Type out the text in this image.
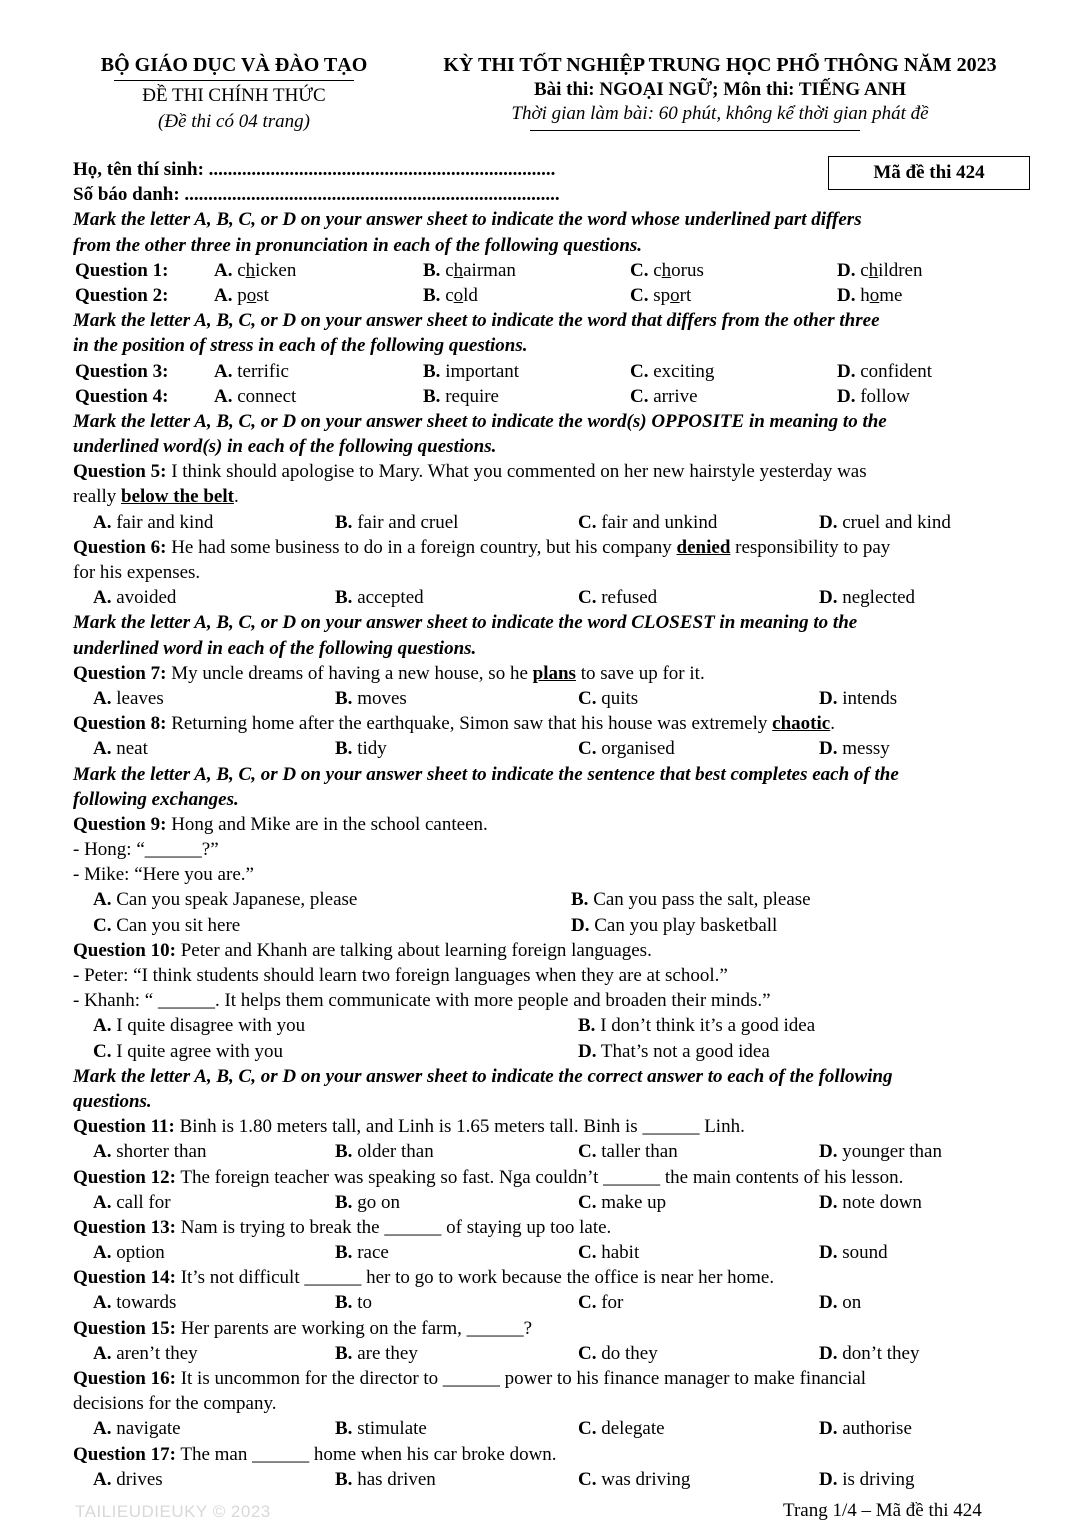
BỘ GIÁO DỤC VÀ ĐÀO TẠO
ĐỀ THI CHÍNH THỨC
(Đề thi có 04 trang)
KỲ THI TỐT NGHIỆP TRUNG HỌC PHỔ THÔNG NĂM 2023
Bài thi: NGOẠI NGỮ; Môn thi: TIẾNG ANH
Thời gian làm bài: 60 phút, không kể thời gian phát đề
Mã đề thi 424
Họ, tên thí sinh: .........................................................................
Số báo danh: ...............................................................................
Mark the letter A, B, C, or D on your answer sheet to indicate the word whose underlined part differs
from the other three in pronunciation in each of the following questions.
Question 1: A. chicken	B. chairman	C. chorus	D. children
Question 2: A. post	B. cold	C. sport	D. home
Mark the letter A, B, C, or D on your answer sheet to indicate the word that differs from the other three
in the position of stress in each of the following questions.
Question 3: A. terrific	B. important	C. exciting	D. confident
Question 4: A. connect	B. require	C. arrive	D. follow
Mark the letter A, B, C, or D on your answer sheet to indicate the word(s) OPPOSITE in meaning to the
underlined word(s) in each of the following questions.
Question 5: I think should apologise to Mary. What you commented on her new hairstyle yesterday was
really below the belt.
A. fair and kind	B. fair and cruel	C. fair and unkind	D. cruel and kind
Question 6: He had some business to do in a foreign country, but his company denied responsibility to pay
for his expenses.
A. avoided	B. accepted	C. refused	D. neglected
Mark the letter A, B, C, or D on your answer sheet to indicate the word CLOSEST in meaning to the
underlined word in each of the following questions.
Question 7: My uncle dreams of having a new house, so he plans to save up for it.
A. leaves	B. moves	C. quits	D. intends
Question 8: Returning home after the earthquake, Simon saw that his house was extremely chaotic.
A. neat	B. tidy	C. organised	D. messy
Mark the letter A, B, C, or D on your answer sheet to indicate the sentence that best completes each of the
following exchanges.
Question 9: Hong and Mike are in the school canteen.
- Hong: “______?”
- Mike: “Here you are.”
A. Can you speak Japanese, please	B. Can you pass the salt, please
C. Can you sit here	D. Can you play basketball
Question 10: Peter and Khanh are talking about learning foreign languages.
- Peter: “I think students should learn two foreign languages when they are at school.”
- Khanh: “ ______. It helps them communicate with more people and broaden their minds.”
A. I quite disagree with you	B. I don’t think it’s a good idea
C. I quite agree with you	D. That’s not a good idea
Mark the letter A, B, C, or D on your answer sheet to indicate the correct answer to each of the following
questions.
Question 11: Binh is 1.80 meters tall, and Linh is 1.65 meters tall. Binh is ______ Linh.
A. shorter than	B. older than	C. taller than	D. younger than
Question 12: The foreign teacher was speaking so fast. Nga couldn’t ______ the main contents of his lesson.
A. call for	B. go on	C. make up	D. note down
Question 13: Nam is trying to break the ______ of staying up too late.
A. option	B. race	C. habit	D. sound
Question 14: It’s not difficult ______ her to go to work because the office is near her home.
A. towards	B. to	C. for	D. on
Question 15: Her parents are working on the farm, ______?
A. aren’t they	B. are they	C. do they	D. don’t they
Question 16: It is uncommon for the director to ______ power to his finance manager to make financial
decisions for the company.
A. navigate	B. stimulate	C. delegate	D. authorise
Question 17: The man ______ home when his car broke down.
A. drives	B. has driven	C. was driving	D. is driving
TAILIEUDIEUKY © 2023	Trang 1/4 – Mã đề thi 424
